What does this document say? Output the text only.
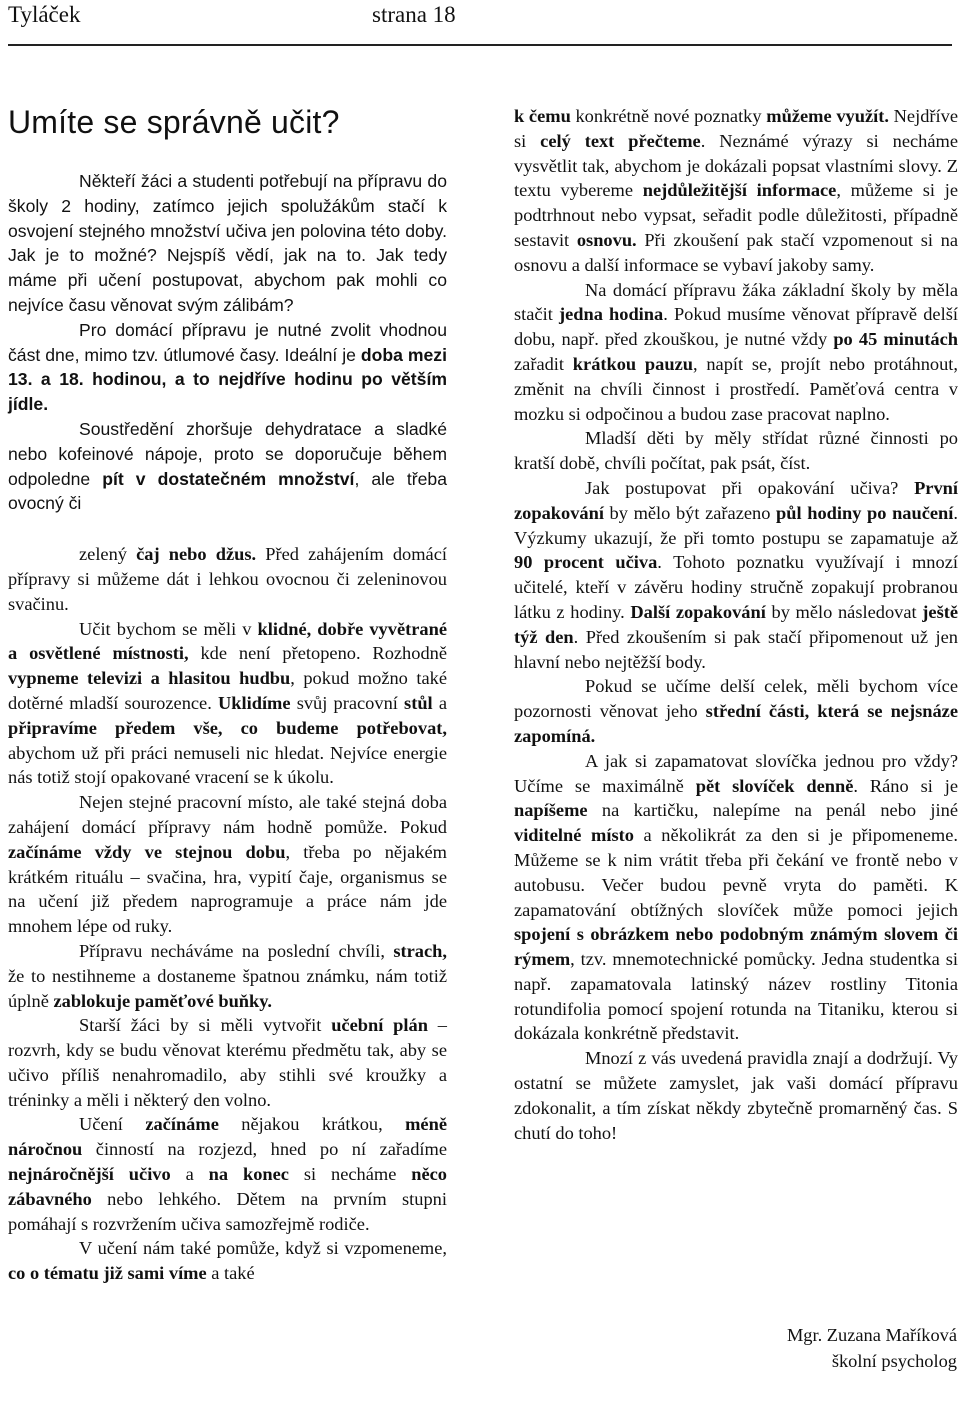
Tyláček	strana 18
Umíte se správně učit?

Někteří žáci a studenti potřebují na přípravu do školy 2 hodiny, zatímco jejich spolužákům stačí k osvojení stejného množství učiva jen polovina této doby. Jak je to možné? Nejspíš vědí, jak na to. Jak tedy máme při učení postupovat, abychom pak mohli co nejvíce času věnovat svým zálibám?

Pro domácí přípravu je nutné zvolit vhodnou část dne, mimo tzv. útlumové časy. Ideální je doba mezi 13. a 18. hodinou, a to nejdříve hodinu po větším jídle.

Soustředění zhoršuje dehydratace a sladké nebo kofeinové nápoje, proto se doporučuje během odpoledne pít v dostatečném množství, ale třeba ovocný či

zelený čaj nebo džus. Před zahájením domácí přípravy si můžeme dát i lehkou ovocnou či zeleninovou svačinu.

Učit bychom se měli v klidné, dobře vyvětrané a osvětlené místnosti, kde není přetopeno. Rozhodně vypneme televizi a hlasitou hudbu, pokud možno také dotěrné mladší sourozence. Uklidíme svůj pracovní stůl a připravíme předem vše, co budeme potřebovat, abychom už při práci nemuseli nic hledat. Nejvíce energie nás totiž stojí opakované vracení se k úkolu.

Nejen stejné pracovní místo, ale také stejná doba zahájení domácí přípravy nám hodně pomůže. Pokud začínáme vždy ve stejnou dobu, třeba po nějakém krátkém rituálu – svačina, hra, vypití čaje, organismus se na učení již předem naprogramuje a práce nám jde mnohem lépe od ruky.

Přípravu necháváme na poslední chvíli, strach, že to nestihneme a dostaneme špatnou známku, nám totiž úplně zablokuje paměťové buňky.

Starší žáci by si měli vytvořit učební plán – rozvrh, kdy se budu věnovat kterému předmětu tak, aby se učivo příliš nenahromadilo, aby stihli své kroužky a tréninky a měli i některý den volno.

Učení začínáme nějakou krátkou, méně náročnou činností na rozjezd, hned po ní zařadíme nejnáročnější učivo a na konec si necháme něco zábavného nebo lehkého. Dětem na prvním stupni pomáhají s rozvržením učiva samozřejmě rodiče.

V učení nám také pomůže, když si vzpomeneme, co o tématu již sami víme a také

k čemu konkrétně nové poznatky můžeme využít. Nejdříve si celý text přečteme. Neznámé výrazy si necháme vysvětlit tak, abychom je dokázali popsat vlastními slovy. Z textu vybereme nejdůležitější informace, můžeme si je podtrhnout nebo vypsat, seřadit podle důležitosti, případně sestavit osnovu. Při zkoušení pak stačí vzpomenout si na osnovu a další informace se vybaví jakoby samy.

Na domácí přípravu žáka základní školy by měla stačit jedna hodina. Pokud musíme věnovat přípravě delší dobu, např. před zkouškou, je nutné vždy po 45 minutách zařadit krátkou pauzu, napít se, projít nebo protáhnout, změnit na chvíli činnost i prostředí. Paměťová centra v mozku si odpočinou a budou zase pracovat naplno.

Mladší děti by měly střídat různé činnosti po kratší době, chvíli počítat, pak psát, číst.

Jak postupovat při opakování učiva? První zopakování by mělo být zařazeno půl hodiny po naučení. Výzkumy ukazují, že při tomto postupu se zapamatuje až 90 procent učiva. Tohoto poznatku využívají i mnozí učitelé, kteří v závěru hodiny stručně zopakují probranou látku z hodiny. Další zopakování by mělo následovat ještě týž den. Před zkoušením si pak stačí připomenout už jen hlavní nebo nejtěžší body.

Pokud se učíme delší celek, měli bychom více pozornosti věnovat jeho střední části, která se nejsnáze zapomíná.

A jak si zapamatovat slovíčka jednou pro vždy? Učíme se maximálně pět slovíček denně. Ráno si je napíšeme na kartičku, nalepíme na penál nebo jiné viditelné místo a několikrát za den si je připomeneme. Můžeme se k nim vrátit třeba při čekání ve frontě nebo v autobusu. Večer budou pevně vryta do paměti. K zapamatování obtížných slovíček může pomoci jejich spojení s obrázkem nebo podobným známým slovem či rýmem, tzv. mnemotechnické pomůcky. Jedna studentka si např. zapamatovala latinský název rostliny Titonia rotundifolia pomocí spojení rotunda na Titaniku, kterou si dokázala konkrétně představit.

Mnozí z vás uvedená pravidla znají a dodržují. Vy ostatní se můžete zamyslet, jak vaši domácí přípravu zdokonalit, a tím získat někdy zbytečně promarněný čas. S chutí do toho!

Mgr. Zuzana Maříková
školní psycholog
